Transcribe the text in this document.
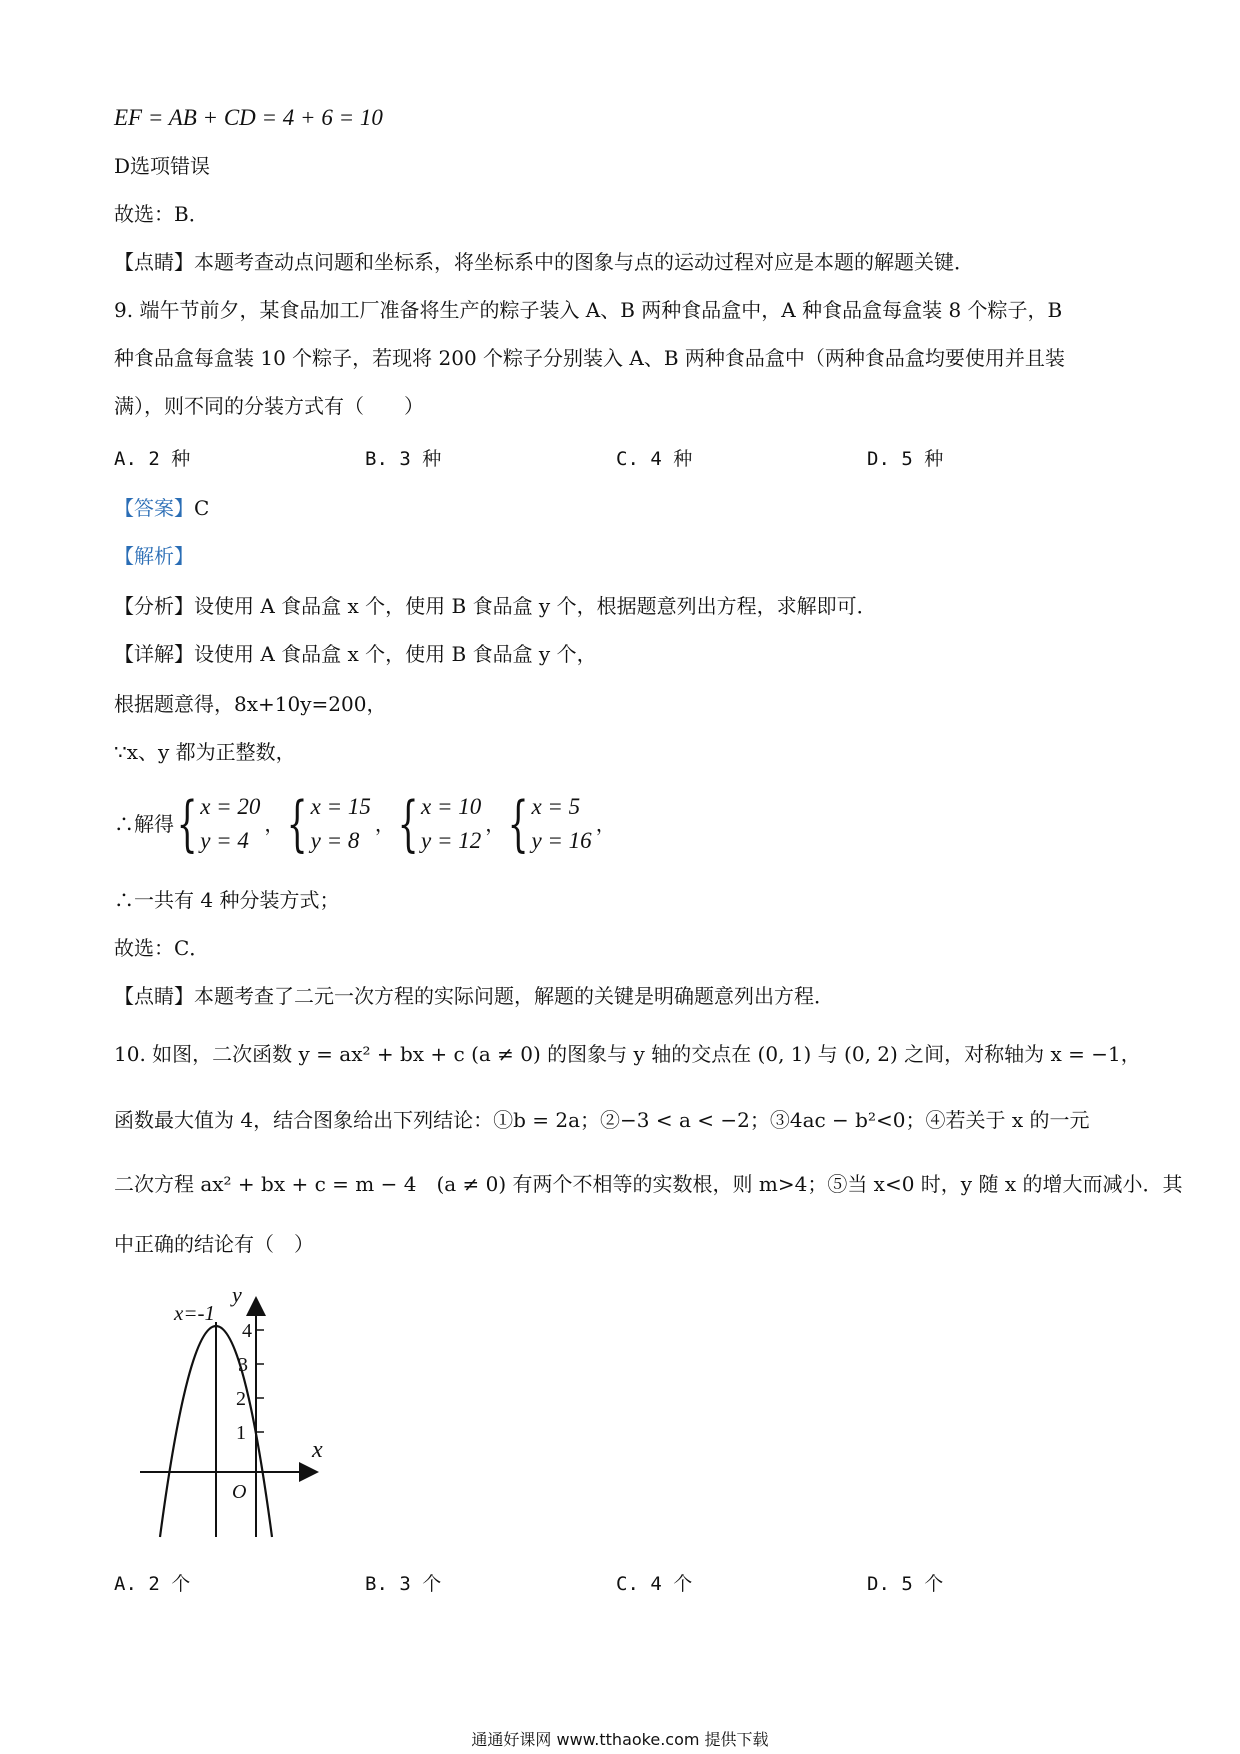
EF = AB + CD = 4 + 6 = 10
D选项错误
故选：B．
【点睛】本题考查动点问题和坐标系，将坐标系中的图象与点的运动过程对应是本题的解题关键．
9. 端午节前夕，某食品加工厂准备将生产的粽子装入 A、B 两种食品盒中，A 种食品盒每盒装 8 个粽子，B
种食品盒每盒装 10 个粽子，若现将 200 个粽子分别装入 A、B 两种食品盒中（两种食品盒均要使用并且装
满），则不同的分装方式有（　　）
A. 2 种	B. 3 种	C. 4 种	D. 5 种
【答案】C
【解析】
【分析】设使用 A 食品盒 x 个，使用 B 食品盒 y 个，根据题意列出方程，求解即可．
【详解】设使用 A 食品盒 x 个，使用 B 食品盒 y 个，
根据题意得，8x+10y=200，
∵x、y 都为正整数，
∴解得 { x = 20
y = 4
， { x = 15
y = 8
， { x = 10
y = 12
， { x = 5
y = 16
，
∴一共有 4 种分装方式；
故选：C．
【点睛】本题考查了二元一次方程的实际问题，解题的关键是明确题意列出方程．
10. 如图，二次函数 y = ax² + bx + c (a ≠ 0) 的图象与 y 轴的交点在 (0, 1) 与 (0, 2) 之间，对称轴为 x = −1，
函数最大值为 4，结合图象给出下列结论：①b = 2a；②−3 < a < −2；③4ac − b²<0；④若关于 x 的一元
二次方程 ax² + bx + c = m − 4　(a ≠ 0) 有两个不相等的实数根，则 m>4；⑤当 x<0 时，y 随 x 的增大而减小．其
中正确的结论有（　）
x=-1
y
x
O
4
3
2
1
A. 2 个	B. 3 个	C. 4 个	D. 5 个
通通好课网 www.tthaoke.com 提供下载
